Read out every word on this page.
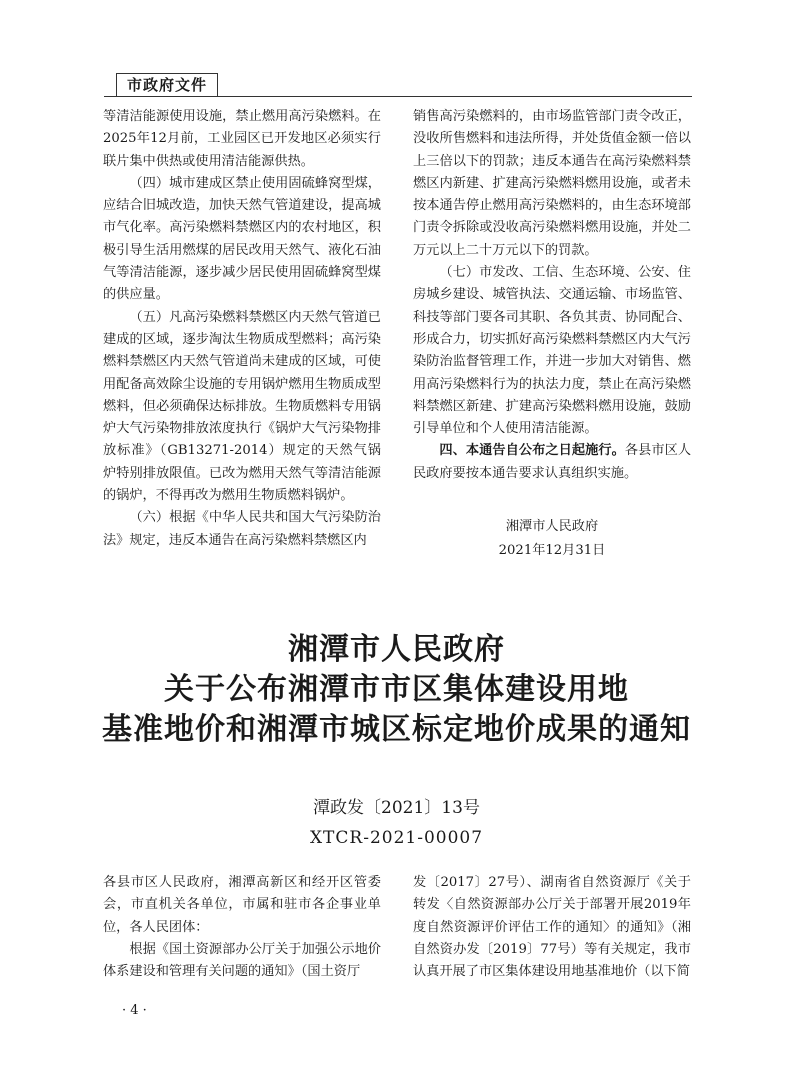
市政府文件

等清洁能源使用设施，禁止燃用高污染燃料。在2025年12月前，工业园区已开发地区必须实行联片集中供热或使用清洁能源供热。

（四）城市建成区禁止使用固硫蜂窝型煤，应结合旧城改造，加快天然气管道建设，提高城市气化率。高污染燃料禁燃区内的农村地区，积极引导生活用燃煤的居民改用天然气、液化石油气等清洁能源，逐步减少居民使用固硫蜂窝型煤的供应量。

（五）凡高污染燃料禁燃区内天然气管道已建成的区域，逐步淘汰生物质成型燃料；高污染燃料禁燃区内天然气管道尚未建成的区域，可使用配备高效除尘设施的专用锅炉燃用生物质成型燃料，但必须确保达标排放。生物质燃料专用锅炉大气污染物排放浓度执行《锅炉大气污染物排放标准》（GB13271-2014）规定的天然气锅炉特别排放限值。已改为燃用天然气等清洁能源的锅炉，不得再改为燃用生物质燃料锅炉。

（六）根据《中华人民共和国大气污染防治法》规定，违反本通告在高污染燃料禁燃区内

销售高污染燃料的，由市场监管部门责令改正，没收所售燃料和违法所得，并处货值金额一倍以上三倍以下的罚款；违反本通告在高污染燃料禁燃区内新建、扩建高污染燃料燃用设施，或者未按本通告停止燃用高污染燃料的，由生态环境部门责令拆除或没收高污染燃料燃用设施，并处二万元以上二十万元以下的罚款。

（七）市发改、工信、生态环境、公安、住房城乡建设、城管执法、交通运输、市场监管、科技等部门要各司其职、各负其责、协同配合、形成合力，切实抓好高污染燃料禁燃区内大气污染防治监督管理工作，并进一步加大对销售、燃用高污染燃料行为的执法力度，禁止在高污染燃料禁燃区新建、扩建高污染燃料燃用设施，鼓励引导单位和个人使用清洁能源。

四、本通告自公布之日起施行。各县市区人民政府要按本通告要求认真组织实施。

湘潭市人民政府
2021年12月31日
湘潭市人民政府
关于公布湘潭市市区集体建设用地
基准地价和湘潭市城区标定地价成果的通知
潭政发〔2021〕13号
XTCR-2021-00007

各县市区人民政府，湘潭高新区和经开区管委会，市直机关各单位，市属和驻市各企事业单位，各人民团体：

根据《国土资源部办公厅关于加强公示地价体系建设和管理有关问题的通知》（国土资厅

发〔2017〕27号）、湖南省自然资源厅《关于转发〈自然资源部办公厅关于部署开展2019年度自然资源评价评估工作的通知〉的通知》（湘自然资办发〔2019〕77号）等有关规定，我市认真开展了市区集体建设用地基准地价（以下简

· 4 ·
